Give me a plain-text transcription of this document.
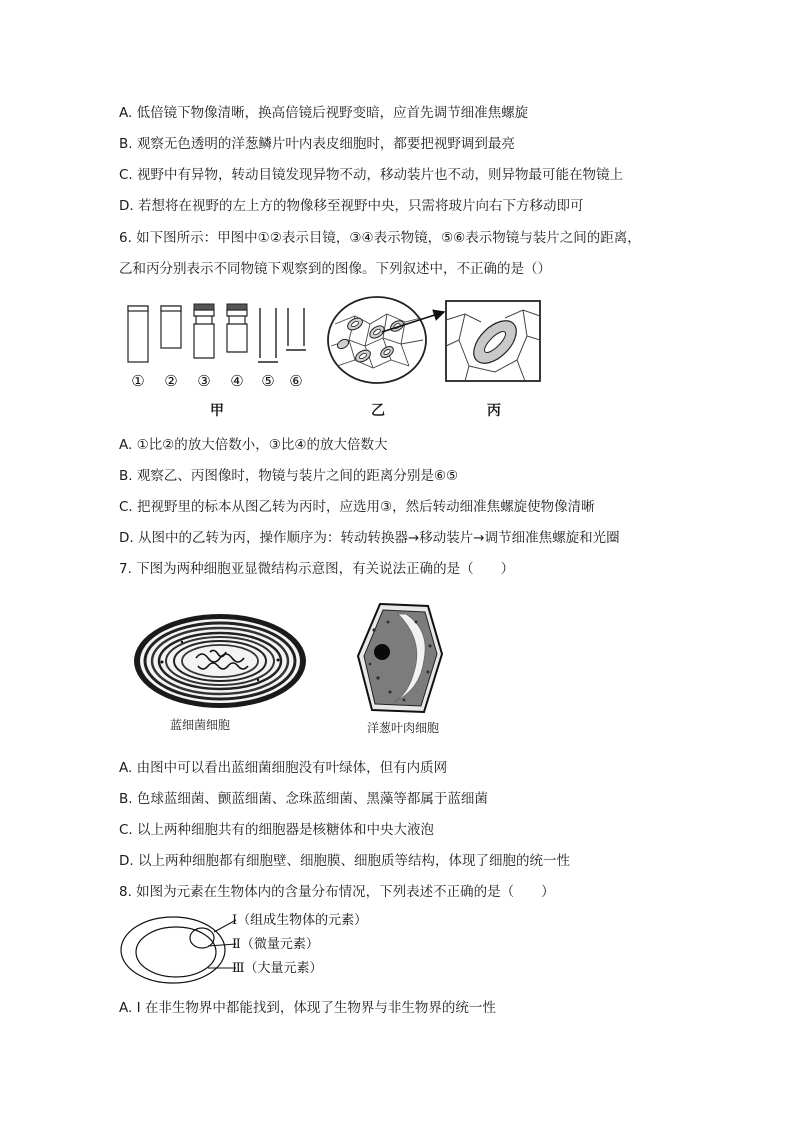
A. 低倍镜下物像清晰，换高倍镜后视野变暗，应首先调节细准焦螺旋
B. 观察无色透明的洋葱鳞片叶内表皮细胞时，都要把视野调到最亮
C. 视野中有异物，转动目镜发现异物不动，移动装片也不动，则异物最可能在物镜上
D. 若想将在视野的左上方的物像移至视野中央，只需将玻片向右下方移动即可
6. 如下图所示：甲图中①②表示目镜，③④表示物镜，⑤⑥表示物镜与装片之间的距离，
乙和丙分别表示不同物镜下观察到的图像。下列叙述中，不正确的是（）
① ② ③ ④ ⑤ ⑥
甲	乙	丙
A. ①比②的放大倍数小，③比④的放大倍数大
B. 观察乙、丙图像时，物镜与装片之间的距离分别是⑥⑤
C. 把视野里的标本从图乙转为丙时，应选用③，然后转动细准焦螺旋使物像清晰
D. 从图中的乙转为丙，操作顺序为：转动转换器→移动装片→调节细准焦螺旋和光圈
7. 下图为两种细胞亚显微结构示意图，有关说法正确的是（　　）
蓝细菌细胞	洋葱叶肉细胞
A. 由图中可以看出蓝细菌细胞没有叶绿体，但有内质网
B. 色球蓝细菌、颤蓝细菌、念珠蓝细菌、黑藻等都属于蓝细菌
C. 以上两种细胞共有的细胞器是核糖体和中央大液泡
D. 以上两种细胞都有细胞壁、细胞膜、细胞质等结构，体现了细胞的统一性
8. 如图为元素在生物体内的含量分布情况，下列表述不正确的是（　　）
Ⅰ（组成生物体的元素）
Ⅱ（微量元素）
Ⅲ（大量元素）
A. Ⅰ 在非生物界中都能找到，体现了生物界与非生物界的统一性
